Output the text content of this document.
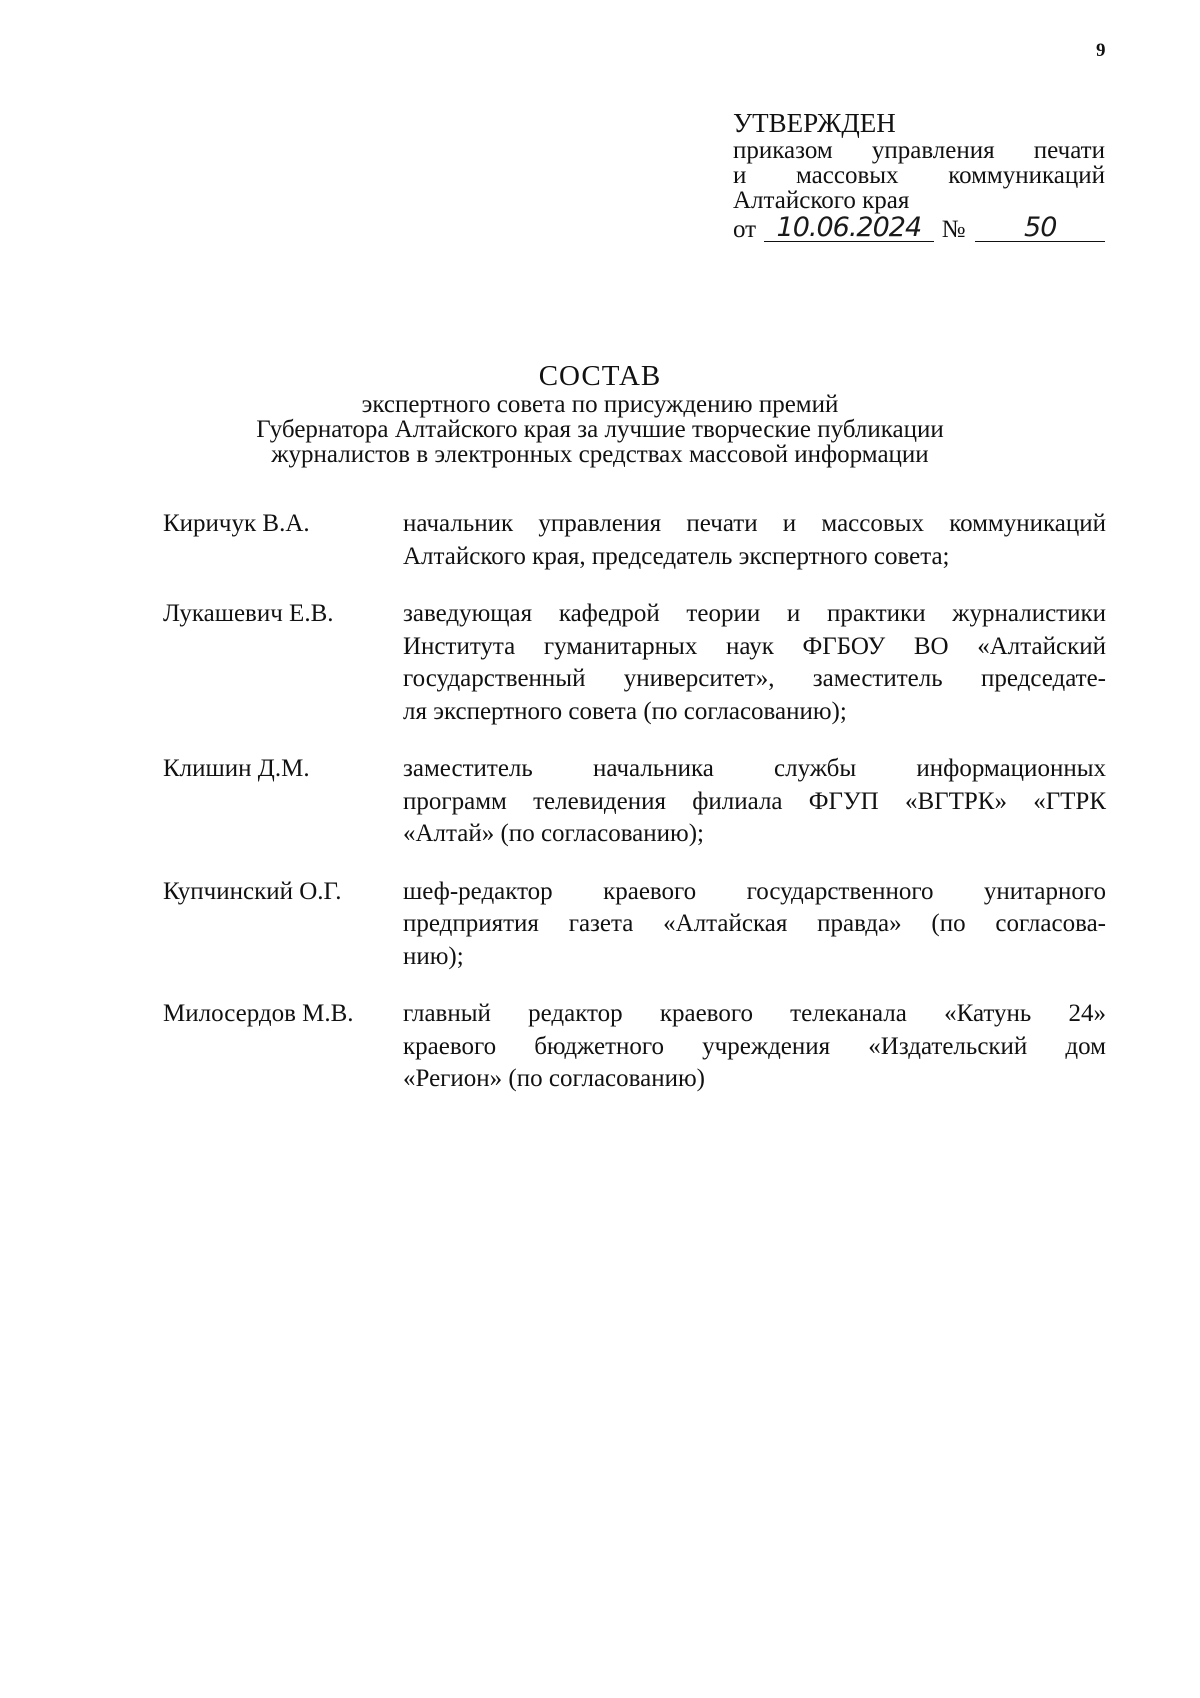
9
УТВЕРЖДЕН
приказом управления печати
и массовых коммуникаций
Алтайского края
от 10.06.2024 №	50
СОСТАВ
экспертного совета по присуждению премий
Губернатора Алтайского края за лучшие творческие публикации
журналистов в электронных средствах массовой информации
Киричук В.А.	начальник управления печати и массовых коммуникаций
Алтайского края, председатель экспертного совета;
Лукашевич Е.В.	заведующая кафедрой теории и практики журналистики
Института гуманитарных наук ФГБОУ ВО «Алтайский
государственный университет», заместитель председате-
ля экспертного совета (по согласованию);
Клишин Д.М.	заместитель начальника службы информационных
программ телевидения филиала ФГУП «ВГТРК» «ГТРК
«Алтай» (по согласованию);
Купчинский О.Г.	шеф-редактор краевого государственного унитарного
предприятия газета «Алтайская правда» (по согласова-
нию);
Милосердов М.В.	главный редактор краевого телеканала «Катунь 24»
краевого бюджетного учреждения «Издательский дом
«Регион» (по согласованию)
